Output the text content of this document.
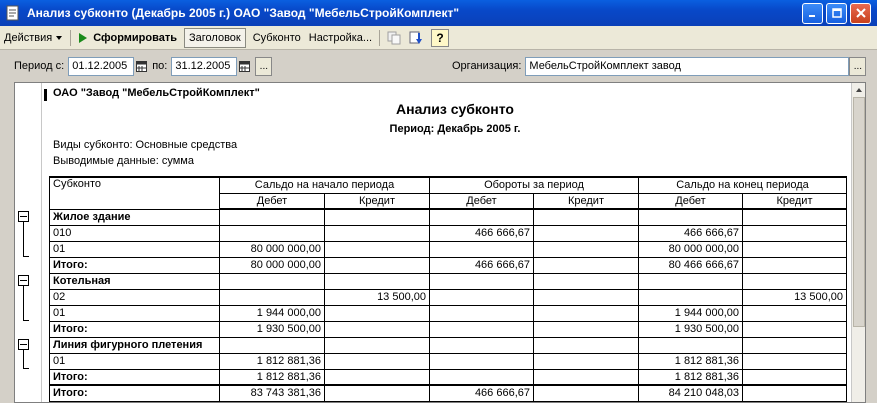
Анализ субконто (Декабрь 2005 г.) ОАО "Завод "МебельСтройКомплект"
Действия	Сформировать Заголовок Субконто Настройка...	?
Период с: 01.12.2005	по: 31.12.2005	...	Организация: МебельСтройКомплект завод	...
ОАО "Завод "МебельСтройКомплект"
Анализ субконто
Период: Декабрь 2005 г.
Виды субконто: Основные средства
Выводимые данные: сумма
Субконто	Сальдо на начало периода		Обороты за период		Сальдо на конец периода	
	Дебет	Кредит	Дебет	Кредит	Дебет	Кредит
Жилое здание						
010			466 666,67		466 666,67	
01	80 000 000,00				80 000 000,00	
Итого:	80 000 000,00		466 666,67		80 466 666,67	
Котельная						
02		13 500,00				13 500,00
01	1 944 000,00				1 944 000,00	
Итого:	1 930 500,00				1 930 500,00	
Линия фигурного плетения						
01	1 812 881,36				1 812 881,36	
Итого:	1 812 881,36				1 812 881,36	
Итого:	83 743 381,36		466 666,67		84 210 048,03	
